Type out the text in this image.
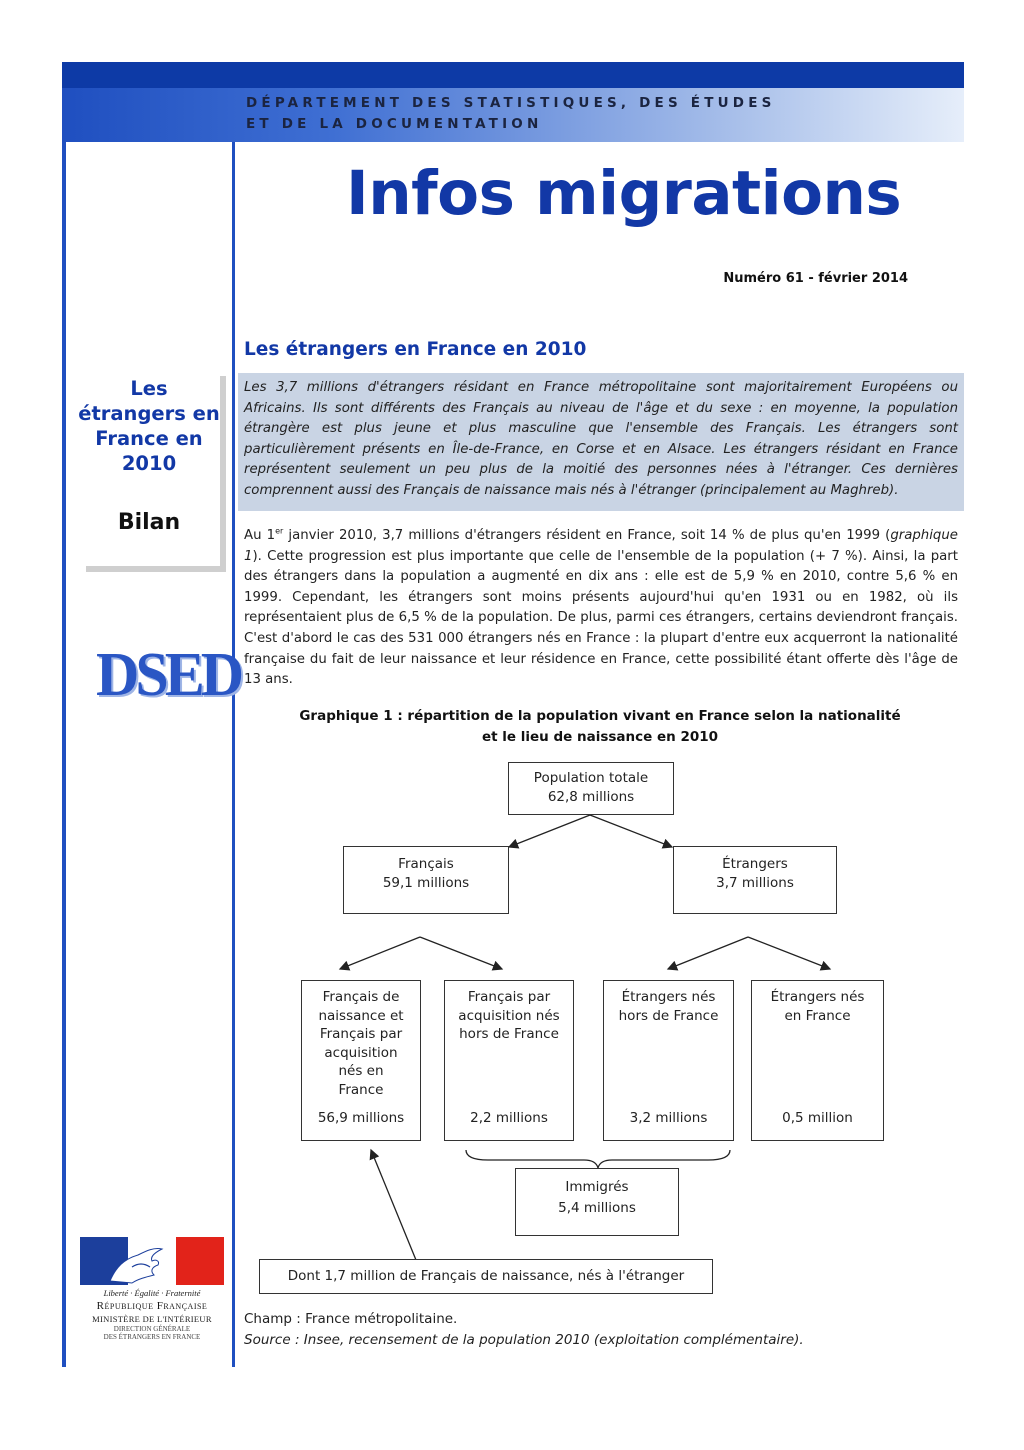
DÉPARTEMENT DES STATISTIQUES, DES ÉTUDES
ET DE LA DOCUMENTATION
Infos migrations
Numéro 61 - février 2014
Les étrangers en France en 2010
Bilan
DSED
Liberté · Égalité · Fraternité
République Française
MINISTÈRE DE L'INTÉRIEUR
DIRECTION GÉNÉRALE
DES ÉTRANGERS EN FRANCE
Les étrangers en France en 2010
Les 3,7 millions d'étrangers résidant en France métropolitaine sont majoritairement Européens ou Africains. Ils sont différents des Français au niveau de l'âge et du sexe : en moyenne, la population étrangère est plus jeune et plus masculine que l'ensemble des Français. Les étrangers sont particulièrement présents en Île-de-France, en Corse et en Alsace. Les étrangers résidant en France représentent seulement un peu plus de la moitié des personnes nées à l'étranger. Ces dernières comprennent aussi des Français de naissance mais nés à l'étranger (principalement au Maghreb).
Au 1er janvier 2010, 3,7 millions d'étrangers résident en France, soit 14 % de plus qu'en 1999 (graphique 1). Cette progression est plus importante que celle de l'ensemble de la population (+ 7 %). Ainsi, la part des étrangers dans la population a augmenté en dix ans : elle est de 5,9 % en 2010, contre 5,6 % en 1999. Cependant, les étrangers sont moins présents aujourd'hui qu'en 1931 ou en 1982, où ils représentaient plus de 6,5 % de la population. De plus, parmi ces étrangers, certains deviendront français. C'est d'abord le cas des 531 000 étrangers nés en France : la plupart d'entre eux acquerront la nationalité française du fait de leur naissance et leur résidence en France, cette possibilité étant offerte dès l'âge de 13 ans.
Graphique 1 : répartition de la population vivant en France selon la nationalité
et le lieu de naissance en 2010
Population totale
62,8 millions
Français
59,1 millions
Étrangers
3,7 millions
Français de naissance et Français par acquisition nés en France
56,9 millions
Français par acquisition nés hors de France
2,2 millions
Étrangers nés hors de France
3,2 millions
Étrangers nés en France
0,5 million
Immigrés
5,4 millions
Dont 1,7 million de Français de naissance, nés à l'étranger
Champ : France métropolitaine.
Source : Insee, recensement de la population 2010 (exploitation complémentaire).
